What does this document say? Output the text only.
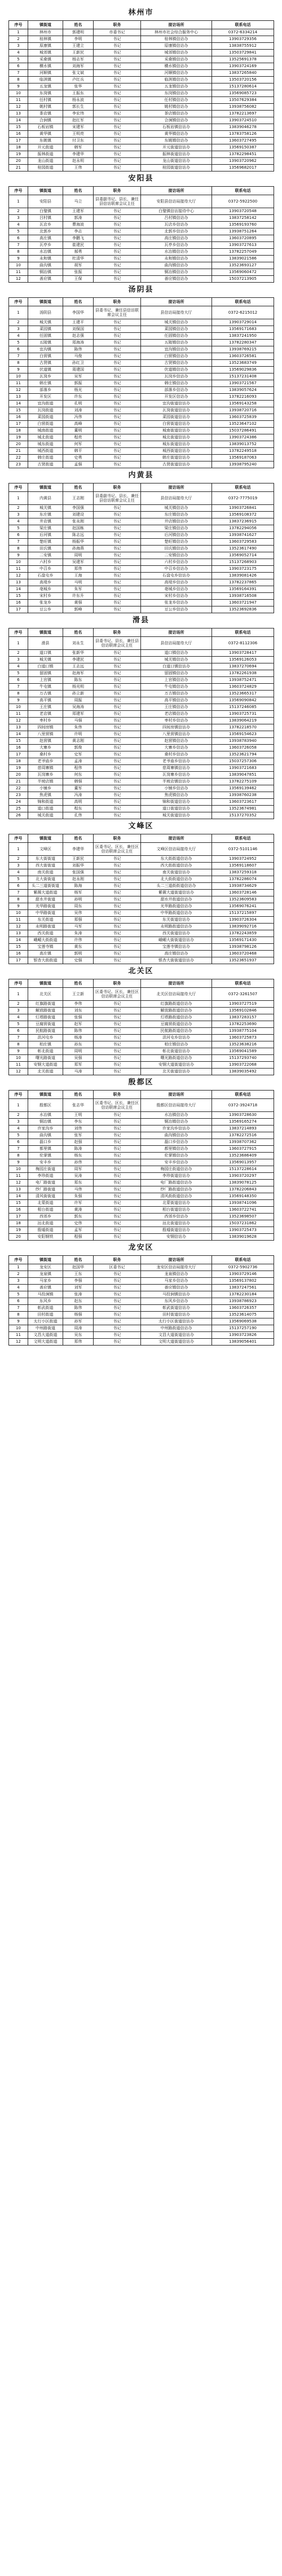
林州市
序号	镇街道	姓名	职务	接访场所	联系电话
1	林州市	郭建明	市委书记	林州市社会综合服务中心	0372-6334214
2	桂林镇	李明	书记	桂林镇信访办	13903729356
3	原康镇	王建立	书记	原康镇信访办	13838755912
4	城郊镇	王新民	书记	城郊镇信访办	13503729841
5	采桑镇	杨志军	书记	采桑镇信访办	13525691378
6	横水镇	刘海军	书记	横水镇信访办	13903724169
7	河顺镇	张文斌	书记	河顺镇信访办	13837265840
8	临淇镇	卢红兵	书记	临淇镇信访办	13503720156
9	五龙镇	张华	书记	五龙镇信访办	15137280614
10	东岗镇	王振东	书记	东岗镇信访办	13569085723
11	任村镇	杨永波	书记	任村镇信访办	13507629384
12	姚村镇	郭长生	书记	姚村镇信访办	13938756082
13	茶店镇	李宏伟	书记	茶店镇信访办	13782213697
14	合涧镇	赵红军	书记	合涧镇信访办	13903724510
15	石板岩镇	宋建军	书记	石板岩镇信访办	13839046278
16	黄华镇	王明亮	书记	黄华镇信访办	13783758126
17	东姚镇	付卫东	书记	东姚镇信访办	13603727495
18	开元街道	韩军	书记	开元街道信访办	13569150387
19	振林街道	李建华	书记	振林街道信访办	13782298451
20	龙山街道	赵永明	书记	龙山街道信访办	13903720962
21	桂园街道	王伟	书记	桂园街道信访办	13569682017
安阳县
序号	镇街道	姓名	职务	接访场所	联系电话
1	安阳县	马立	县委副书记、县长，兼任县信访联席会议主任	安阳县信访局接待大厅	0372-5922500
2	白璧镇	王建军	书记	白璧镇信访接待中心	13903720548
3	吕村镇	郭涛	书记	吕村镇信访办	13837258142
4	瓦店乡	曹海波	书记	瓦店乡信访办	13569193760
5	北郭乡	李志	书记	北郭乡信访办	13938751264
6	高庄镇	李鹏飞	书记	高庄镇信访办	13603720895
7	瓦亭乡	崔建民	书记	瓦亭乡信访办	13903727613
8	水冶镇	郝勇	书记	水冶镇信访办	13782257049
9	永和镇	杜清华	书记	永和镇信访办	13839021586
10	曲沟镇	胡军	书记	曲沟镇信访办	13523693127
11	铜冶镇	张振	书记	铜冶镇信访办	13569060472
12	善应镇	王保	书记	善应镇信访办	15037213905
汤阴县
序号	镇街道	姓名	职务	接访场所	联系电话
1	汤阴县	李国华	县委书记，兼任县信访联席会议主任	县信访局接待大厅	0372-6215012
2	城关镇	王建平	书记	城关镇信访办	13903729014
3	菜园镇	刘保国	书记	菜园镇信访办	13569171683
4	任固镇	赵志强	书记	任固镇信访办	13837241950
5	五陵镇	郑海涛	书记	五陵镇信访办	13782280347
6	宜沟镇	陈伟	书记	宜沟镇信访办	13938769215
7	白营镇	马俊	书记	白营镇信访办	13603726581
8	古贤镇	孙红卫	书记	古贤镇信访办	13523683749
9	伏道镇	周建国	书记	伏道镇信访办	13569029836
10	瓦岗乡	吴军	书记	瓦岗乡信访办	15137231408
11	韩庄镇	郭振	书记	韩庄镇信访办	13903721567
12	部落乡	杨光	书记	部落乡信访办	13839057624
13	开发区	许东	书记	开发区信访办	13782216093
14	宜沟街道	孔明	书记	宜沟街道信访办	13569143258
15	瓦岗街道	刘涛	书记	瓦岗街道信访办	13938720716
16	菜园街道	冯伟	书记	菜园街道信访办	13603725839
17	白营街道	高峰	书记	白营街道信访办	13523647102
18	城南街道	董明	书记	城南街道信访办	15037286491
19	城北街道	程亮	书记	城北街道信访办	13903724386
20	城东街道	何军	书记	城东街道信访办	13839013752
21	城西街道	韩平	书记	城西街道信访办	13782249518
22	韩庄街道	史勇	书记	韩庄街道信访办	13569187063
23	古贤街道	孟强	书记	古贤街道信访办	13938795240
内黄县
序号	镇街道	姓名	职务	接访场所	联系电话
1	内黄县	王志刚	县委副书记、县长，兼任县信访联席会议主任	县信访局接待大厅	0372-7775019
2	城关镇	李国强	书记	城关镇信访办	13903726841
3	东庄镇	刘建设	书记	东庄镇信访办	13569108372
4	井店镇	张永刚	书记	井店镇信访办	13837236915
5	梁庄镇	赵国栋	书记	梁庄镇信访办	13782294056
6	后河镇	陈志远	书记	后河镇信访办	13938741627
7	楚旺镇	杨振华	书记	楚旺镇信访办	13603729583
8	田氏镇	孙海燕	书记	田氏镇信访办	13523617490
9	二安镇	周明	书记	二安镇信访办	13569052714
10	六村乡	吴建军	书记	六村乡信访办	15137268903
11	中召乡	郑伟	书记	中召乡信访办	13903723175
12	石盘屯乡	王海	书记	石盘屯乡信访办	13839081426
13	高堤乡	马明	书记	高堤乡信访办	13782237865
14	亳城乡	朱军	书记	亳城乡信访办	13569164391
15	宋村乡	许东升	书记	宋村乡信访办	13938716508
16	张龙乡	黄强	书记	张龙乡信访办	13603721947
17	豆公乡	郭峰	书记	豆公乡信访办	13523692836
滑县
序号	镇街道	姓名	职务	接访场所	联系电话
1	滑县	刘永生	县委书记、县长，兼任县信访联席会议主任	县信访局接待大厅	0372-8112306
2	道口镇	张新华	书记	道口镇信访办	13903728417
3	城关镇	李建民	书记	城关镇信访办	13569126053
4	白道口镇	王志远	书记	白道口镇信访办	13837270694
5	留固镇	赵海军	书记	留固镇信访办	13782261938
6	上官镇	陈东	书记	上官镇信访办	13938752471
7	牛屯镇	杨光明	书记	牛屯镇信访办	13603724829
8	万古镇	孙立新	书记	万古镇信访办	13523665317
9	高平镇	周振	书记	高平镇信访办	13569090842
10	王庄镇	吴海涛	书记	王庄镇信访办	15137246085
11	老店镇	郑建军	书记	老店镇信访办	13903725731
12	枣村乡	马强	书记	枣村乡信访办	13839064219
13	四间房镇	朱伟	书记	四间房镇信访办	13782218570
14	八里营镇	许明	书记	八里营镇信访办	13569154623
15	赵营镇	黄志刚	书记	赵营镇信访办	13938783940
16	大寨乡	郭俊	书记	大寨乡信访办	13603726058
17	桑村乡	史军	书记	桑村乡信访办	13523621794
18	老爷庙乡	孟涛	书记	老爷庙乡信访办	15037257306
19	慈周寨镇	程伟	书记	慈周寨镇信访办	13903721683
20	瓦岗寨乡	何东	书记	瓦岗寨乡信访办	13839047851
21	半坡店镇	韩强	书记	半坡店镇信访办	13782275109
22	小铺乡	董军	书记	小铺乡信访办	13569139462
23	焦虎镇	冯涛	书记	焦虎镇信访办	13938760238
24	锦和街道	高明	书记	锦和街道信访办	13603723617
25	道口街道	程东	书记	道口街道信访办	13523674981
26	城关街道	孔伟	书记	城关街道信访办	15137270352
文峰区
序号	镇街道	姓名	职务	接访场所	联系电话
1	文峰区	李建华	区委书记、区长，兼任区信访联席会议主任	文峰区信访局接待大厅	0372-5101146
2	东大街街道	王新民	书记	东大街街道信访办	13903724952
3	西大街街道	刘振华	书记	西大街街道信访办	13569118607
4	南关街道	张国强	书记	南关街道信访办	13837259318
5	北大街街道	赵永刚	书记	北大街街道信访办	13782286074
6	头二三道街街道	陈海	书记	头二三道街街道信访办	13938734629
7	紫薇大道街道	杨军	书记	紫薇大道街道信访办	13603728146
8	甜水井街道	孙明	书记	甜水井街道信访办	13523609583
9	光华路街道	周东	书记	光华路街道信访办	13569076241
10	中华路街道	吴伟	书记	中华路街道信访办	15137215897
11	东关街道	郑强	书记	东关街道信访办	13903726304
12	永明路街道	马军	书记	永明路街道信访办	13839092716
13	西关街道	朱涛	书记	西关街道信访办	13782243859
14	峨嵋大街街道	许伟	书记	峨嵋大街街道信访办	13569171430
15	宝莲寺镇	黄东	书记	宝莲寺镇信访办	13938798126
16	高庄镇	郭明	书记	高庄镇信访办	13603720468
17	银杏大街街道	史强	书记	银杏大街街道信访办	13523651937
北关区
序号	镇街道	姓名	职务	接访场所	联系电话
1	北关区	王立新	区委书记、区长，兼任区信访联席会议主任	北关区信访局接待大厅	0372-3261507
2	红旗路街道	李伟	书记	红旗路街道信访办	13903727519
3	解放路街道	刘东	书记	解放路街道信访办	13569102846
4	灯塔路街道	张强	书记	灯塔路街道信访办	13837283157
5	豆腐营街道	赵军	书记	豆腐营街道信访办	13782253690
6	民航路街道	陈伟	书记	民航路街道信访办	13938775104
7	洪河屯乡	杨涛	书记	洪河屯乡信访办	13603725873
8	柏庄镇	孙东	书记	柏庄镇信访办	13523638216
9	彰北街道	周明	书记	彰北街道信访办	13569041589
10	曙光路街道	吴强	书记	曙光路街道信访办	15137293740
11	安钢大道街道	郑军	书记	安钢大道街道信访办	13903722068
12	北关街道	马涛	书记	北关街道信访办	13839035492
殷都区
序号	镇街道	姓名	职务	接访场所	联系电话
1	殷都区	张志华	区委书记、区长，兼任区信访联席会议主任	殷都区信访局接待大厅	0372-3924718
2	水冶镇	王明	书记	水冶镇信访办	13903728630
3	铜冶镇	李东	书记	铜冶镇信访办	13569165274
4	许家沟乡	刘伟	书记	许家沟乡信访办	13837214893
5	曲沟镇	张军	书记	曲沟镇信访办	13782272516
6	磊口乡	赵强	书记	磊口乡信访办	13938707362
7	都里镇	陈涛	书记	都里镇信访办	13603727915
8	伦掌镇	杨东	书记	伦掌镇信访办	13523686409
9	安丰乡	孙伟	书记	安丰乡信访办	13569013957
10	梅园庄街道	周军	书记	梅园庄街道信访办	15137228614
11	李珍街道	吴涛	书记	李珍街道信访办	13903720297
12	电厂路街道	郑东	书记	电厂路街道信访办	13839078125
13	纱厂路街道	马伟	书记	纱厂路街道信访办	13782206843
14	清风街街道	朱强	书记	清风街街道信访办	13569148350
15	北蒙街道	许军	书记	北蒙街道信访办	13938741096
16	相台街道	黄涛	书记	相台街道信访办	13603722741
17	西郊乡	郭东	书记	西郊乡信访办	13523698507
18	洹北街道	史伟	书记	洹北街道信访办	15037231862
19	殷墟街道	孟军	书记	殷墟街道信访办	13903725473
20	安阳钢铁	程强	书记	安钢信访办	13839019628
龙安区
序号	镇街道	姓名	职务	接访场所	联系电话
1	龙安区	赵国华	区委书记	龙安区信访局接待大厅	0372-5902736
2	龙泉镇	王东	书记	龙泉镇信访办	13903729146
3	马家乡	李强	书记	马家乡信访办	13569137802
4	善应镇	刘军	书记	善应镇信访办	13837247561
5	马投涧镇	张涛	书记	马投涧镇信访办	13782230184
6	东风乡	赵东	书记	东风乡信访办	13938786923
7	彰武街道	陈伟	书记	彰武街道信访办	13603726357
8	田村街道	杨强	书记	田村街道信访办	13523614075
9	太行小区街道	孙军	书记	太行小区街道信访办	13569069538
10	中州路街道	周涛	书记	中州路街道信访办	15137257190
11	文昌大道街道	吴东	书记	文昌大道街道信访办	13903723826
12	文明大道街道	郑伟	书记	文明大道街道信访办	13839056401
